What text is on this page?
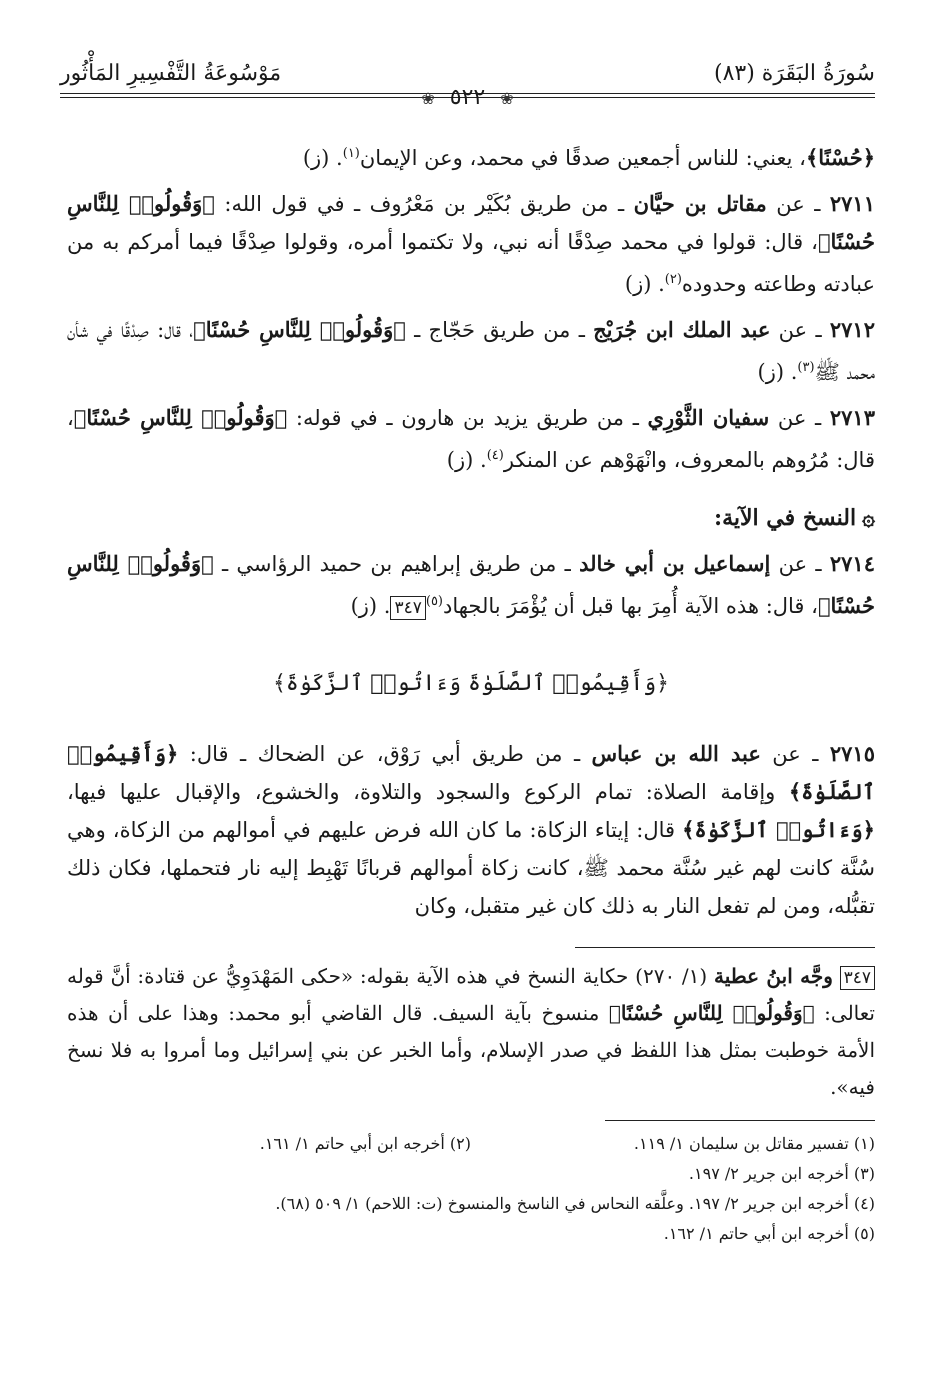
سُورَةُ البَقَرَة (٨٣)
مَوْسُوعَةُ التَّفْسِيرِ المَأْثُور
❀ ٥٢٢ ❀

﴿حُسْنًا﴾، يعني: للناس أجمعين صدقًا في محمد، وعن الإيمان$^{(١)}$. (ز)

٢٧١١ ـ عن مقاتل بن حيَّان ـ من طريق بُكَيْر بن مَعْرُوف ـ في قول الله: ﴿وَقُولُوا۟ لِلنَّاسِ حُسْنًا﴾، قال: قولوا في محمد صِدْقًا أنه نبي، ولا تكتموا أمره، وقولوا صِدْقًا فيما أمركم به من عبادته وطاعته وحدوده$^{(٢)}$. (ز)

٢٧١٢ ـ عن عبد الملك ابن جُرَيْج ـ من طريق حَجّاج ـ ﴿وَقُولُوا۟ لِلنَّاسِ حُسْنًا﴾، قال: صِدْقًا في شأن محمد ﷺ$^{(٣)}$. (ز)

٢٧١٣ ـ عن سفيان الثَّوْرِي ـ من طريق يزيد بن هارون ـ في قوله: ﴿وَقُولُوا۟ لِلنَّاسِ حُسْنًا﴾، قال: مُرُوهم بالمعروف، وانْهَوْهم عن المنكر$^{(٤)}$. (ز)

۞النسخ في الآية:

٢٧١٤ ـ عن إسماعيل بن أبي خالد ـ من طريق إبراهيم بن حميد الرؤاسي ـ ﴿وَقُولُوا۟ لِلنَّاسِ حُسْنًا﴾، قال: هذه الآية أُمِرَ بها قبل أن يُؤْمَرَ بالجهاد$^{(٥)}$٣٤٧. (ز)

﴿وَأَقِيمُوا۟ ٱلصَّلَوٰةَ وَءَاتُوا۟ ٱلزَّكَوٰةَ﴾

٢٧١٥ ـ عن عبد الله بن عباس ـ من طريق أبي رَوْق، عن الضحاك ـ قال: ﴿وَأَقِيمُوا۟ ٱلصَّلَوٰةَ﴾ وإقامة الصلاة: تمام الركوع والسجود والتلاوة، والخشوع، والإقبال عليها فيها، ﴿وَءَاتُوا۟ ٱلزَّكَوٰةَ﴾ قال: إيتاء الزكاة: ما كان الله فرض عليهم في أموالهم من الزكاة، وهي سُنَّة كانت لهم غير سُنَّة محمد ﷺ، كانت زكاة أموالهم قربانًا تَهْبِط إليه نار فتحملها، فكان ذلك تقبُّله، ومن لم تفعل النار به ذلك كان غير متقبل، وكان

٣٤٧ وجَّه ابنُ عطية (١/ ٢٧٠) حكاية النسخ في هذه الآية بقوله: «حكى المَهْدَوِيُّ عن قتادة: أنَّ قوله تعالى: ﴿وَقُولُوا۟ لِلنَّاسِ حُسْنًا﴾ منسوخ بآية السيف. قال القاضي أبو محمد: وهذا على أن هذه الأمة خوطبت بمثل هذا اللفظ في صدر الإسلام، وأما الخبر عن بني إسرائيل وما أمروا به فلا نسخ فيه».
(١) تفسير مقاتل بن سليمان ١/ ١١٩.
(٢) أخرجه ابن أبي حاتم ١/ ١٦١.
(٣) أخرجه ابن جرير ٢/ ١٩٧.
(٤) أخرجه ابن جرير ٢/ ١٩٧. وعلَّقه النحاس في الناسخ والمنسوخ (ت: اللاحم) ١/ ٥٠٩ (٦٨).
(٥) أخرجه ابن أبي حاتم ١/ ١٦٢.
